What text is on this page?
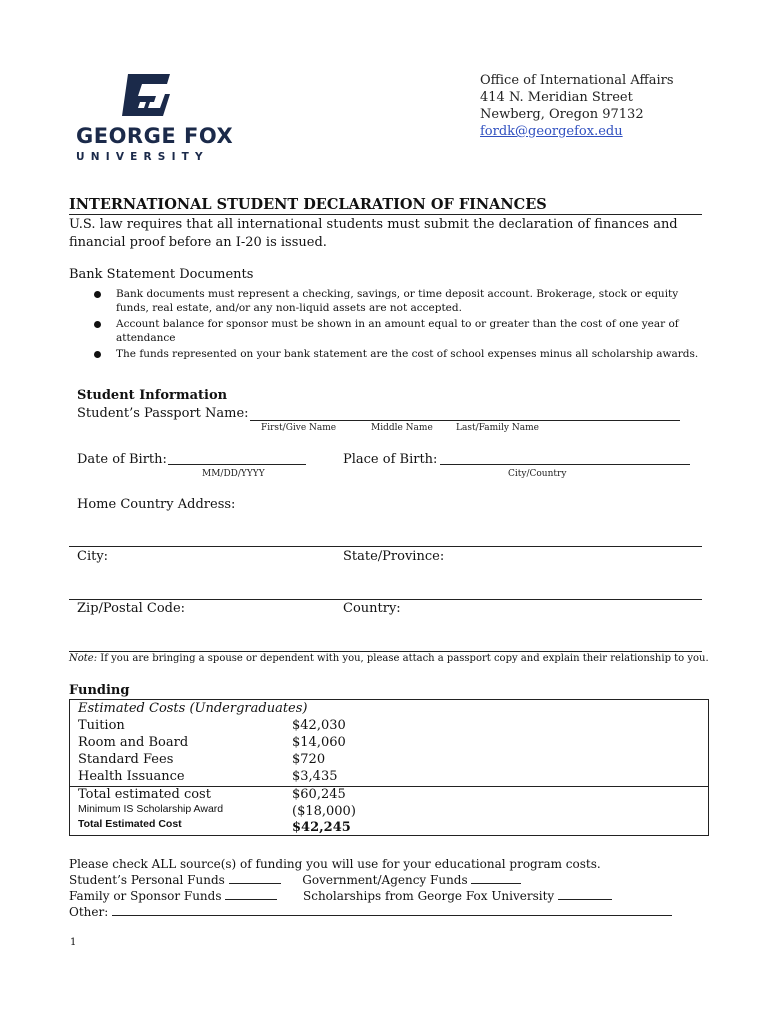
GEORGE FOX
UNIVERSITY
Office of International Affairs
414 N. Meridian Street
Newberg, Oregon 97132
fordk@georgefox.edu
INTERNATIONAL STUDENT DECLARATION OF FINANCES
U.S. law requires that all international students must submit the declaration of finances and financial proof before an I-20 is issued.
Bank Statement Documents
Bank documents must represent a checking, savings, or time deposit account. Brokerage, stock or equity funds, real estate, and/or any non-liquid assets are not accepted.
Account balance for sponsor must be shown in an amount equal to or greater than the cost of one year of attendance
The funds represented on your bank statement are the cost of school expenses minus all scholarship awards.
Student Information
Student’s Passport Name:
First/Give Name	Middle Name	Last/Family Name
Date of Birth:
MM/DD/YYYY
Place of Birth:
City/Country
Home Country Address:
City:	State/Province:
Zip/Postal Code:	Country:
Note: If you are bringing a spouse or dependent with you, please attach a passport copy and explain their relationship to you.
Funding
Estimated Costs (Undergraduates)
Tuition	$42,030
Room and Board	$14,060
Standard Fees	$720
Health Issuance	$3,435
Total estimated cost	$60,245
Minimum IS Scholarship Award	($18,000)
Total Estimated Cost	$42,245
Please check ALL source(s) of funding you will use for your educational program costs.
Student’s Personal Funds	Government/Agency Funds
Family or Sponsor Funds	Scholarships from George Fox University
Other:
1
